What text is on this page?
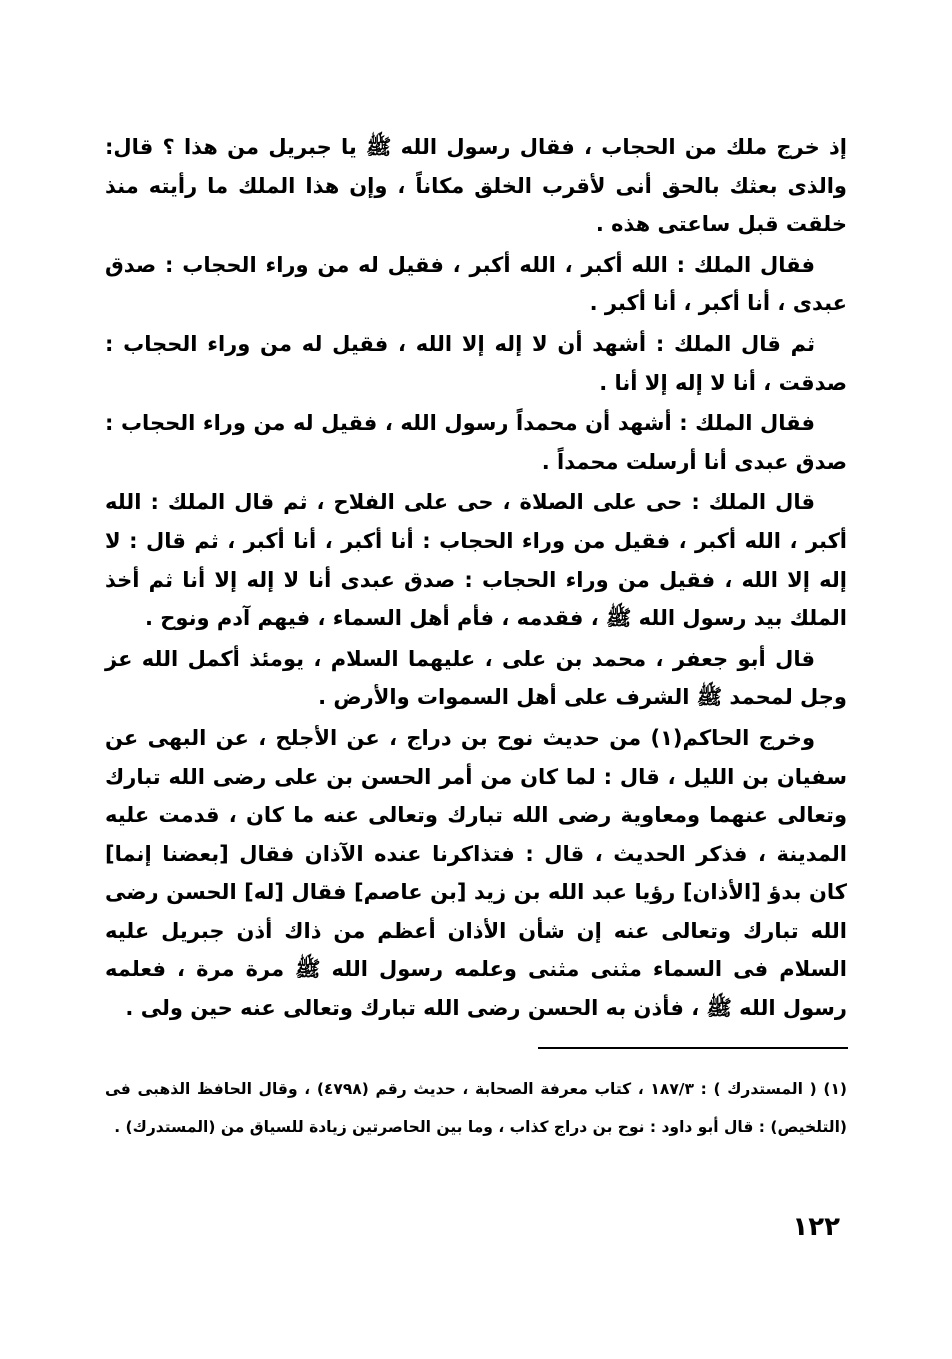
إذ خرج ملك من الحجاب ، فقال رسول الله ﷺ يا جبريل من هذا ؟ قال: والذى بعثك بالحق أنى لأقرب الخلق مكاناً ، وإن هذا الملك ما رأيته منذ خلقت قبل ساعتى هذه .

فقال الملك : الله أكبر ، الله أكبر ، فقيل له من وراء الحجاب : صدق عبدى ، أنا أكبر ، أنا أكبر .

ثم قال الملك : أشهد أن لا إله إلا الله ، فقيل له من وراء الحجاب : صدقت ، أنا لا إله إلا أنا .

فقال الملك : أشهد أن محمداً رسول الله ، فقيل له من وراء الحجاب : صدق عبدى أنا أرسلت محمداً .

قال الملك : حى على الصلاة ، حى على الفلاح ، ثم قال الملك : الله أكبر ، الله أكبر ، فقيل من وراء الحجاب : أنا أكبر ، أنا أكبر ، ثم قال : لا إله إلا الله ، فقيل من وراء الحجاب : صدق عبدى أنا لا إله إلا أنا ثم أخذ الملك بيد رسول الله ﷺ ، فقدمه ، فأم أهل السماء ، فيهم آدم ونوح .

قال أبو جعفر ، محمد بن على ، عليهما السلام ، يومئذ أكمل الله عز وجل لمحمد ﷺ الشرف على أهل السموات والأرض .

وخرج الحاكم(١) من حديث نوح بن دراج ، عن الأجلح ، عن البهى عن سفيان بن الليل ، قال : لما كان من أمر الحسن بن على رضى الله تبارك وتعالى عنهما ومعاوية رضى الله تبارك وتعالى عنه ما كان ، قدمت عليه المدينة ، فذكر الحديث ، قال : فتذاكرنا عنده الآذان فقال [بعضنا إنما] كان بدؤ [الأذان] رؤيا عبد الله بن زيد [بن عاصم] فقال [له] الحسن رضى الله تبارك وتعالى عنه إن شأن الأذان أعظم من ذاك أذن جبريل عليه السلام فى السماء مثنى مثنى وعلمه رسول الله ﷺ مرة مرة ، فعلمه رسول الله ﷺ ، فأذن به الحسن رضى الله تبارك وتعالى عنه حين ولى .

(١) ( المستدرك ) : ١٨٧/٣ ، كتاب معرفة الصحابة ، حديث رقم (٤٧٩٨) ، وقال الحافظ الذهبى فى (التلخيص) : قال أبو داود : نوح بن دراج كذاب ، وما بين الحاصرتين زيادة للسياق من (المستدرك) .
١٢٢
